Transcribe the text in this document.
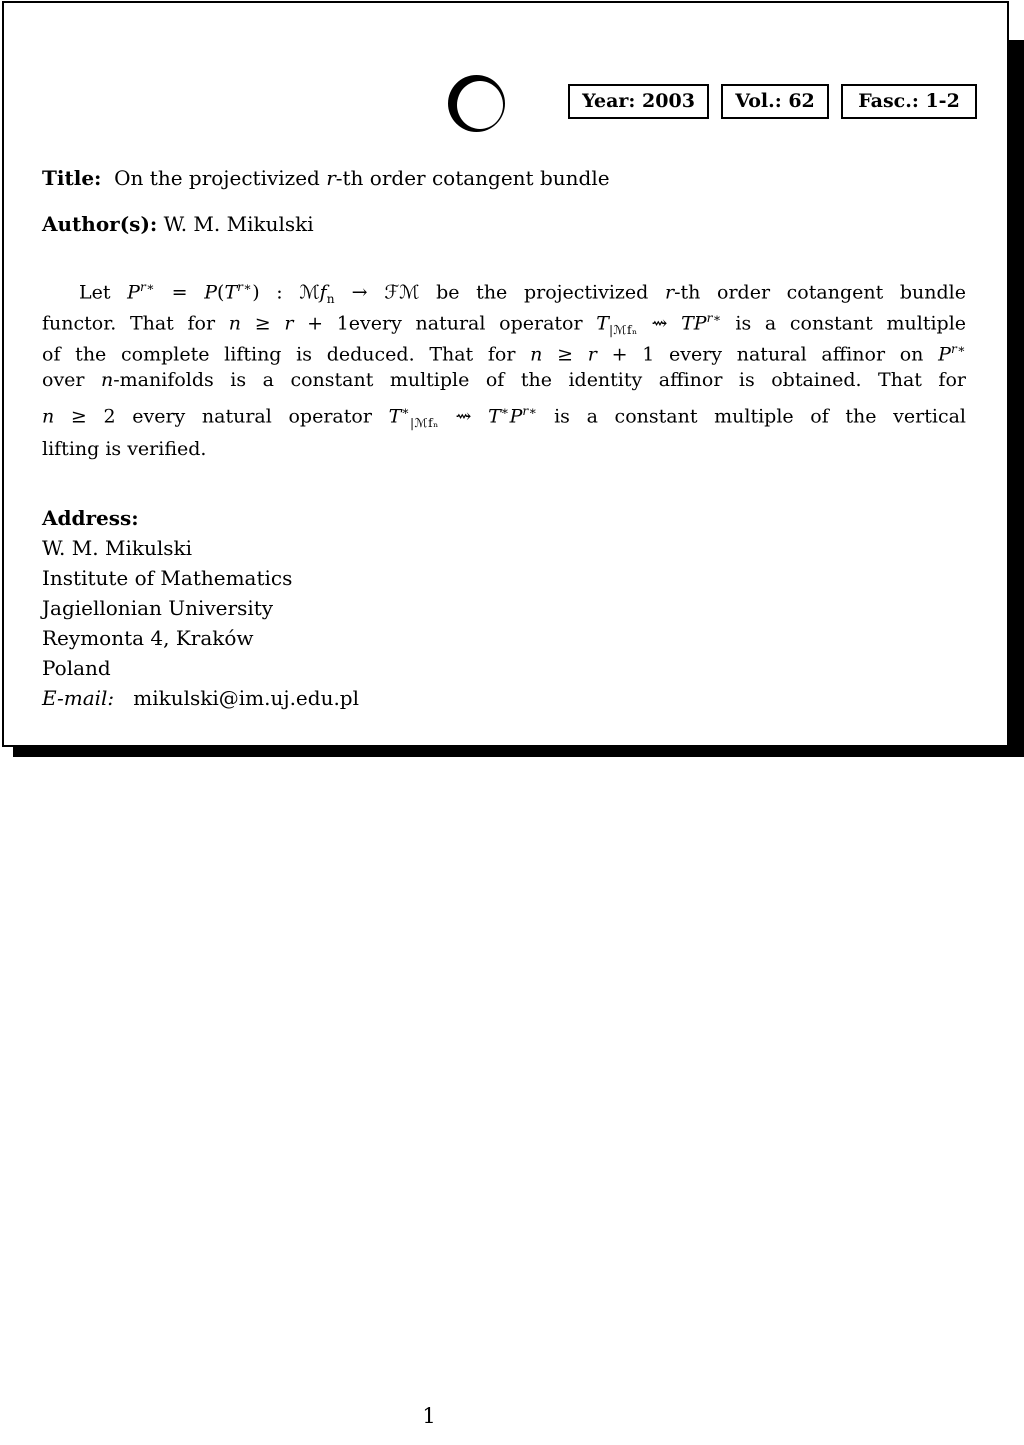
Year: 2003	Vol.: 62	Fasc.: 1-2
Title:  On the projectivized r-th order cotangent bundle
Author(s): W. M. Mikulski
Let $P^{r∗} = P(T^{r∗})$ : ℳf$_n$ → ℱℳ be the projectivized r-th order cotangent bundle
functor. That for n ≥ r + 1every natural operator $T_{|ℳf_n}$ ⇝ $TP^{r∗}$ is a constant multiple
of the complete lifting is deduced. That for n ≥ r + 1 every natural affinor on $P^{r∗}$
over n-manifolds is a constant multiple of the identity affinor is obtained. That for
n ≥ 2 every natural operator $T^∗_{|ℳf_n}$ ⇝ $T^∗P^{r∗}$ is a constant multiple of the vertical
lifting is verified.
Address:
W. M. Mikulski
Institute of Mathematics
Jagiellonian University
Reymonta 4, Kraków
Poland
E-mail:   mikulski@im.uj.edu.pl
1
